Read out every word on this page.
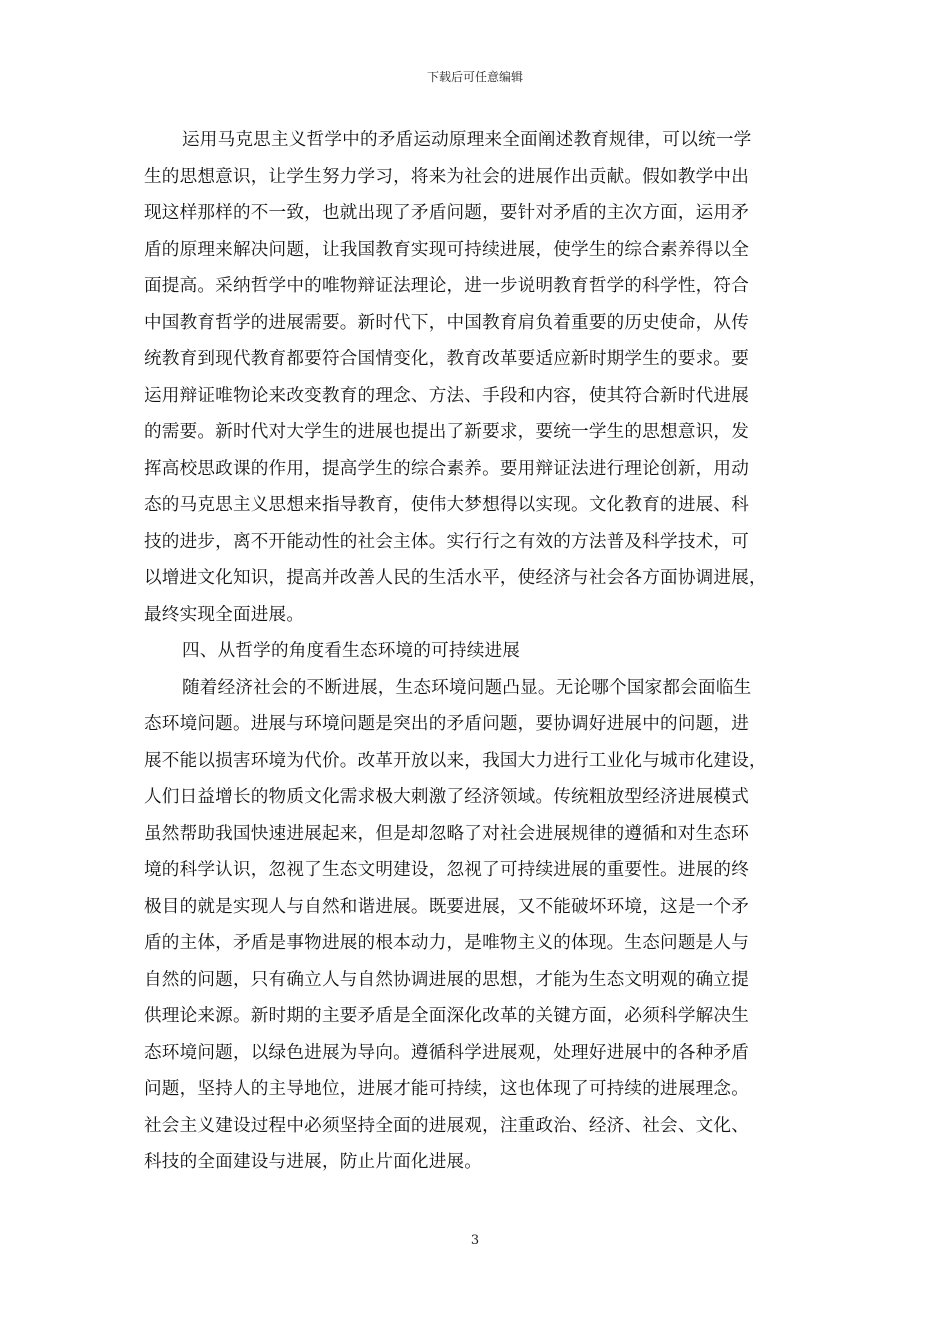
下载后可任意编辑
运用马克思主义哲学中的矛盾运动原理来全面阐述教育规律，可以统一学
生的思想意识，让学生努力学习，将来为社会的进展作出贡献。假如教学中出
现这样那样的不一致，也就出现了矛盾问题，要针对矛盾的主次方面，运用矛
盾的原理来解决问题，让我国教育实现可持续进展，使学生的综合素养得以全
面提高。采纳哲学中的唯物辩证法理论，进一步说明教育哲学的科学性，符合
中国教育哲学的进展需要。新时代下，中国教育肩负着重要的历史使命，从传
统教育到现代教育都要符合国情变化，教育改革要适应新时期学生的要求。要
运用辩证唯物论来改变教育的理念、方法、手段和内容，使其符合新时代进展
的需要。新时代对大学生的进展也提出了新要求，要统一学生的思想意识，发
挥高校思政课的作用，提高学生的综合素养。要用辩证法进行理论创新，用动
态的马克思主义思想来指导教育，使伟大梦想得以实现。文化教育的进展、科
技的进步，离不开能动性的社会主体。实行行之有效的方法普及科学技术，可
以增进文化知识，提高并改善人民的生活水平，使经济与社会各方面协调进展，
最终实现全面进展。
四、从哲学的角度看生态环境的可持续进展
随着经济社会的不断进展，生态环境问题凸显。无论哪个国家都会面临生
态环境问题。进展与环境问题是突出的矛盾问题，要协调好进展中的问题，进
展不能以损害环境为代价。改革开放以来，我国大力进行工业化与城市化建设，
人们日益增长的物质文化需求极大刺激了经济领域。传统粗放型经济进展模式
虽然帮助我国快速进展起来，但是却忽略了对社会进展规律的遵循和对生态环
境的科学认识，忽视了生态文明建设，忽视了可持续进展的重要性。进展的终
极目的就是实现人与自然和谐进展。既要进展，又不能破坏环境，这是一个矛
盾的主体，矛盾是事物进展的根本动力，是唯物主义的体现。生态问题是人与
自然的问题，只有确立人与自然协调进展的思想，才能为生态文明观的确立提
供理论来源。新时期的主要矛盾是全面深化改革的关键方面，必须科学解决生
态环境问题，以绿色进展为导向。遵循科学进展观，处理好进展中的各种矛盾
问题，坚持人的主导地位，进展才能可持续，这也体现了可持续的进展理念。
社会主义建设过程中必须坚持全面的进展观，注重政治、经济、社会、文化、
科技的全面建设与进展，防止片面化进展。
3
